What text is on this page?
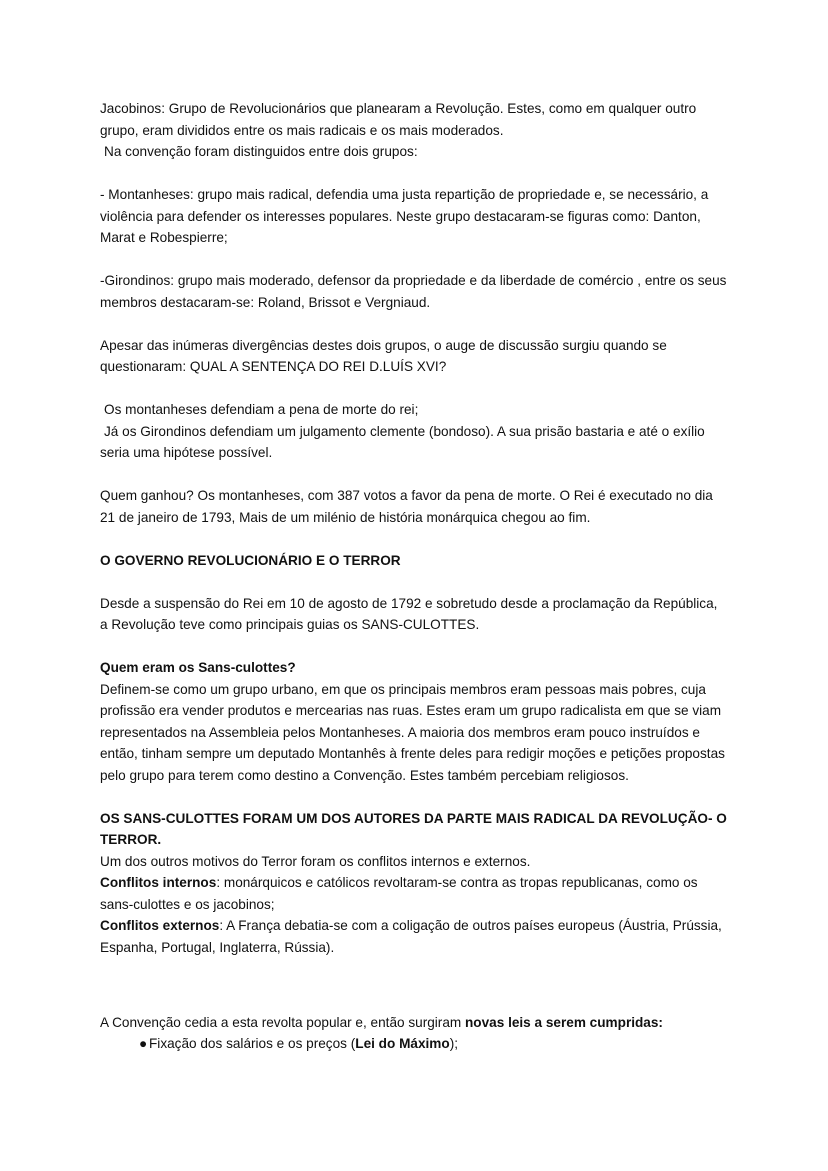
Jacobinos: Grupo de Revolucionários que planearam a Revolução. Estes, como em qualquer outro grupo, eram divididos entre os mais radicais e os mais moderados.

Na convenção foram distinguidos entre dois grupos:

- Montanheses: grupo mais radical, defendia uma justa repartição de propriedade e, se necessário, a violência para defender os interesses populares. Neste grupo destacaram-se figuras como: Danton, Marat e Robespierre;

-Girondinos: grupo mais moderado, defensor da propriedade e da liberdade de comércio , entre os seus membros destacaram-se: Roland, Brissot e Vergniaud.

Apesar das inúmeras divergências destes dois grupos, o auge de discussão surgiu quando se questionaram: QUAL A SENTENÇA DO REI D.LUÍS XVI?

Os montanheses defendiam a pena de morte do rei;

Já os Girondinos defendiam um julgamento clemente (bondoso). A sua prisão bastaria e até o exílio seria uma hipótese possível.

Quem ganhou? Os montanheses, com 387 votos a favor da pena de morte. O Rei é executado no dia 21 de janeiro de 1793, Mais de um milénio de história monárquica chegou ao fim.

O GOVERNO REVOLUCIONÁRIO E O TERROR

Desde a suspensão do Rei em 10 de agosto de 1792 e sobretudo desde a proclamação da República, a Revolução teve como principais guias os SANS-CULOTTES.

Quem eram os Sans-culottes?

Definem-se como um grupo urbano, em que os principais membros eram pessoas mais pobres, cuja profissão era vender produtos e mercearias nas ruas. Estes eram um grupo radicalista em que se viam representados na Assembleia pelos Montanheses. A maioria dos membros eram pouco instruídos e então, tinham sempre um deputado Montanhês à frente deles para redigir moções e petições propostas pelo grupo para terem como destino a Convenção. Estes também percebiam religiosos.

OS SANS-CULOTTES FORAM UM DOS AUTORES DA PARTE MAIS RADICAL DA REVOLUÇÃO- O TERROR.

Um dos outros motivos do Terror foram os conflitos internos e externos.

Conflitos internos: monárquicos e católicos revoltaram-se contra as tropas republicanas, como os sans-culottes e os jacobinos;

Conflitos externos: A França debatia-se com a coligação de outros países europeus (Áustria, Prússia, Espanha, Portugal, Inglaterra, Rússia).

A Convenção cedia a esta revolta popular e, então surgiram novas leis a serem cumpridas:

● Fixação dos salários e os preços (Lei do Máximo);
